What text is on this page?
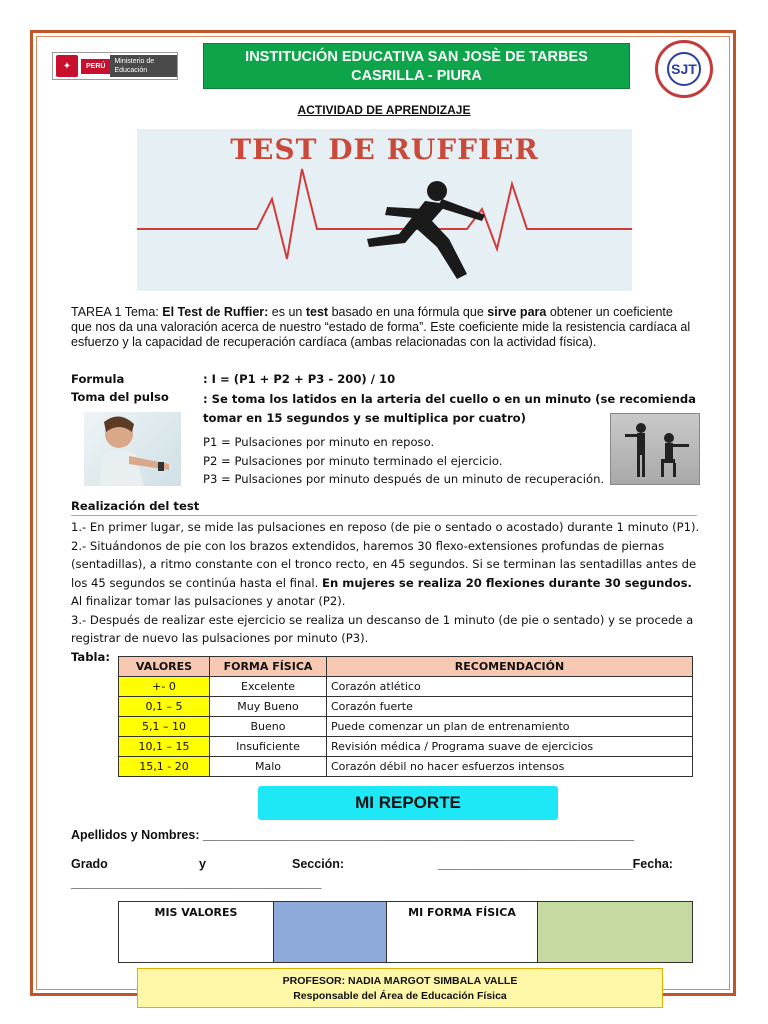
✦	PERÚ
Ministerio de Educación
INSTITUCIÓN EDUCATIVA SAN JOSÈ DE TARBES
CASRILLA - PIURA	SJT
ACTIVIDAD DE APRENDIZAJE
TEST DE RUFFIER
TAREA 1 Tema: El Test de Ruffier: es un test basado en una fórmula que sirve para obtener un coeficiente que nos da una valoración acerca de nuestro “estado de forma”. Este coeficiente mide la resistencia cardíaca al esfuerzo y la capacidad de recuperación cardíaca (ambas relacionadas con la actividad física).
Formula	: I = (P1 + P2 + P3 - 200) / 10
Toma del pulso	: Se toma los latidos en la arteria del cuello o en un minuto (se recomienda tomar en 15 segundos y se multiplica por cuatro)
P1 = Pulsaciones por minuto en reposo.
P2 = Pulsaciones por minuto terminado el ejercicio.
P3 = Pulsaciones por minuto después de un minuto de recuperación.
Realización del test
1.- En primer lugar, se mide las pulsaciones en reposo (de pie o sentado o acostado) durante 1 minuto (P1).
2.- Situándonos de pie con los brazos extendidos, haremos 30 flexo-extensiones profundas de piernas (sentadillas), a ritmo constante con el tronco recto, en 45 segundos. Si se terminan las sentadillas antes de los 45 segundos se continúa hasta el final. En mujeres se realiza 20 flexiones durante 30 segundos. Al finalizar tomar las pulsaciones y anotar (P2).
3.- Después de realizar este ejercicio se realiza un descanso de 1 minuto (de pie o sentado) y se procede a registrar de nuevo las pulsaciones por minuto (P3).
Tabla:
VALORES	FORMA FÍSICA	RECOMENDACIÓN
+- 0	Excelente	Corazón atlético
0,1 – 5	Muy Bueno	Corazón fuerte
5,1 – 10	Bueno	Puede comenzar un plan de entrenamiento
10,1 – 15	Insuficiente	Revisión médica / Programa suave de ejercicios
15,1 - 20	Malo	Corazón débil no hacer esfuerzos intensos
MI REPORTE
Apellidos y Nombres: ______________________________________________________________
Grado	y	Sección:	____________________________Fecha:
____________________________________
MIS VALORES		MI FORMA FÍSICA	
PROFESOR: NADIA MARGOT SIMBALA VALLE
Responsable del Área de Educación Física
